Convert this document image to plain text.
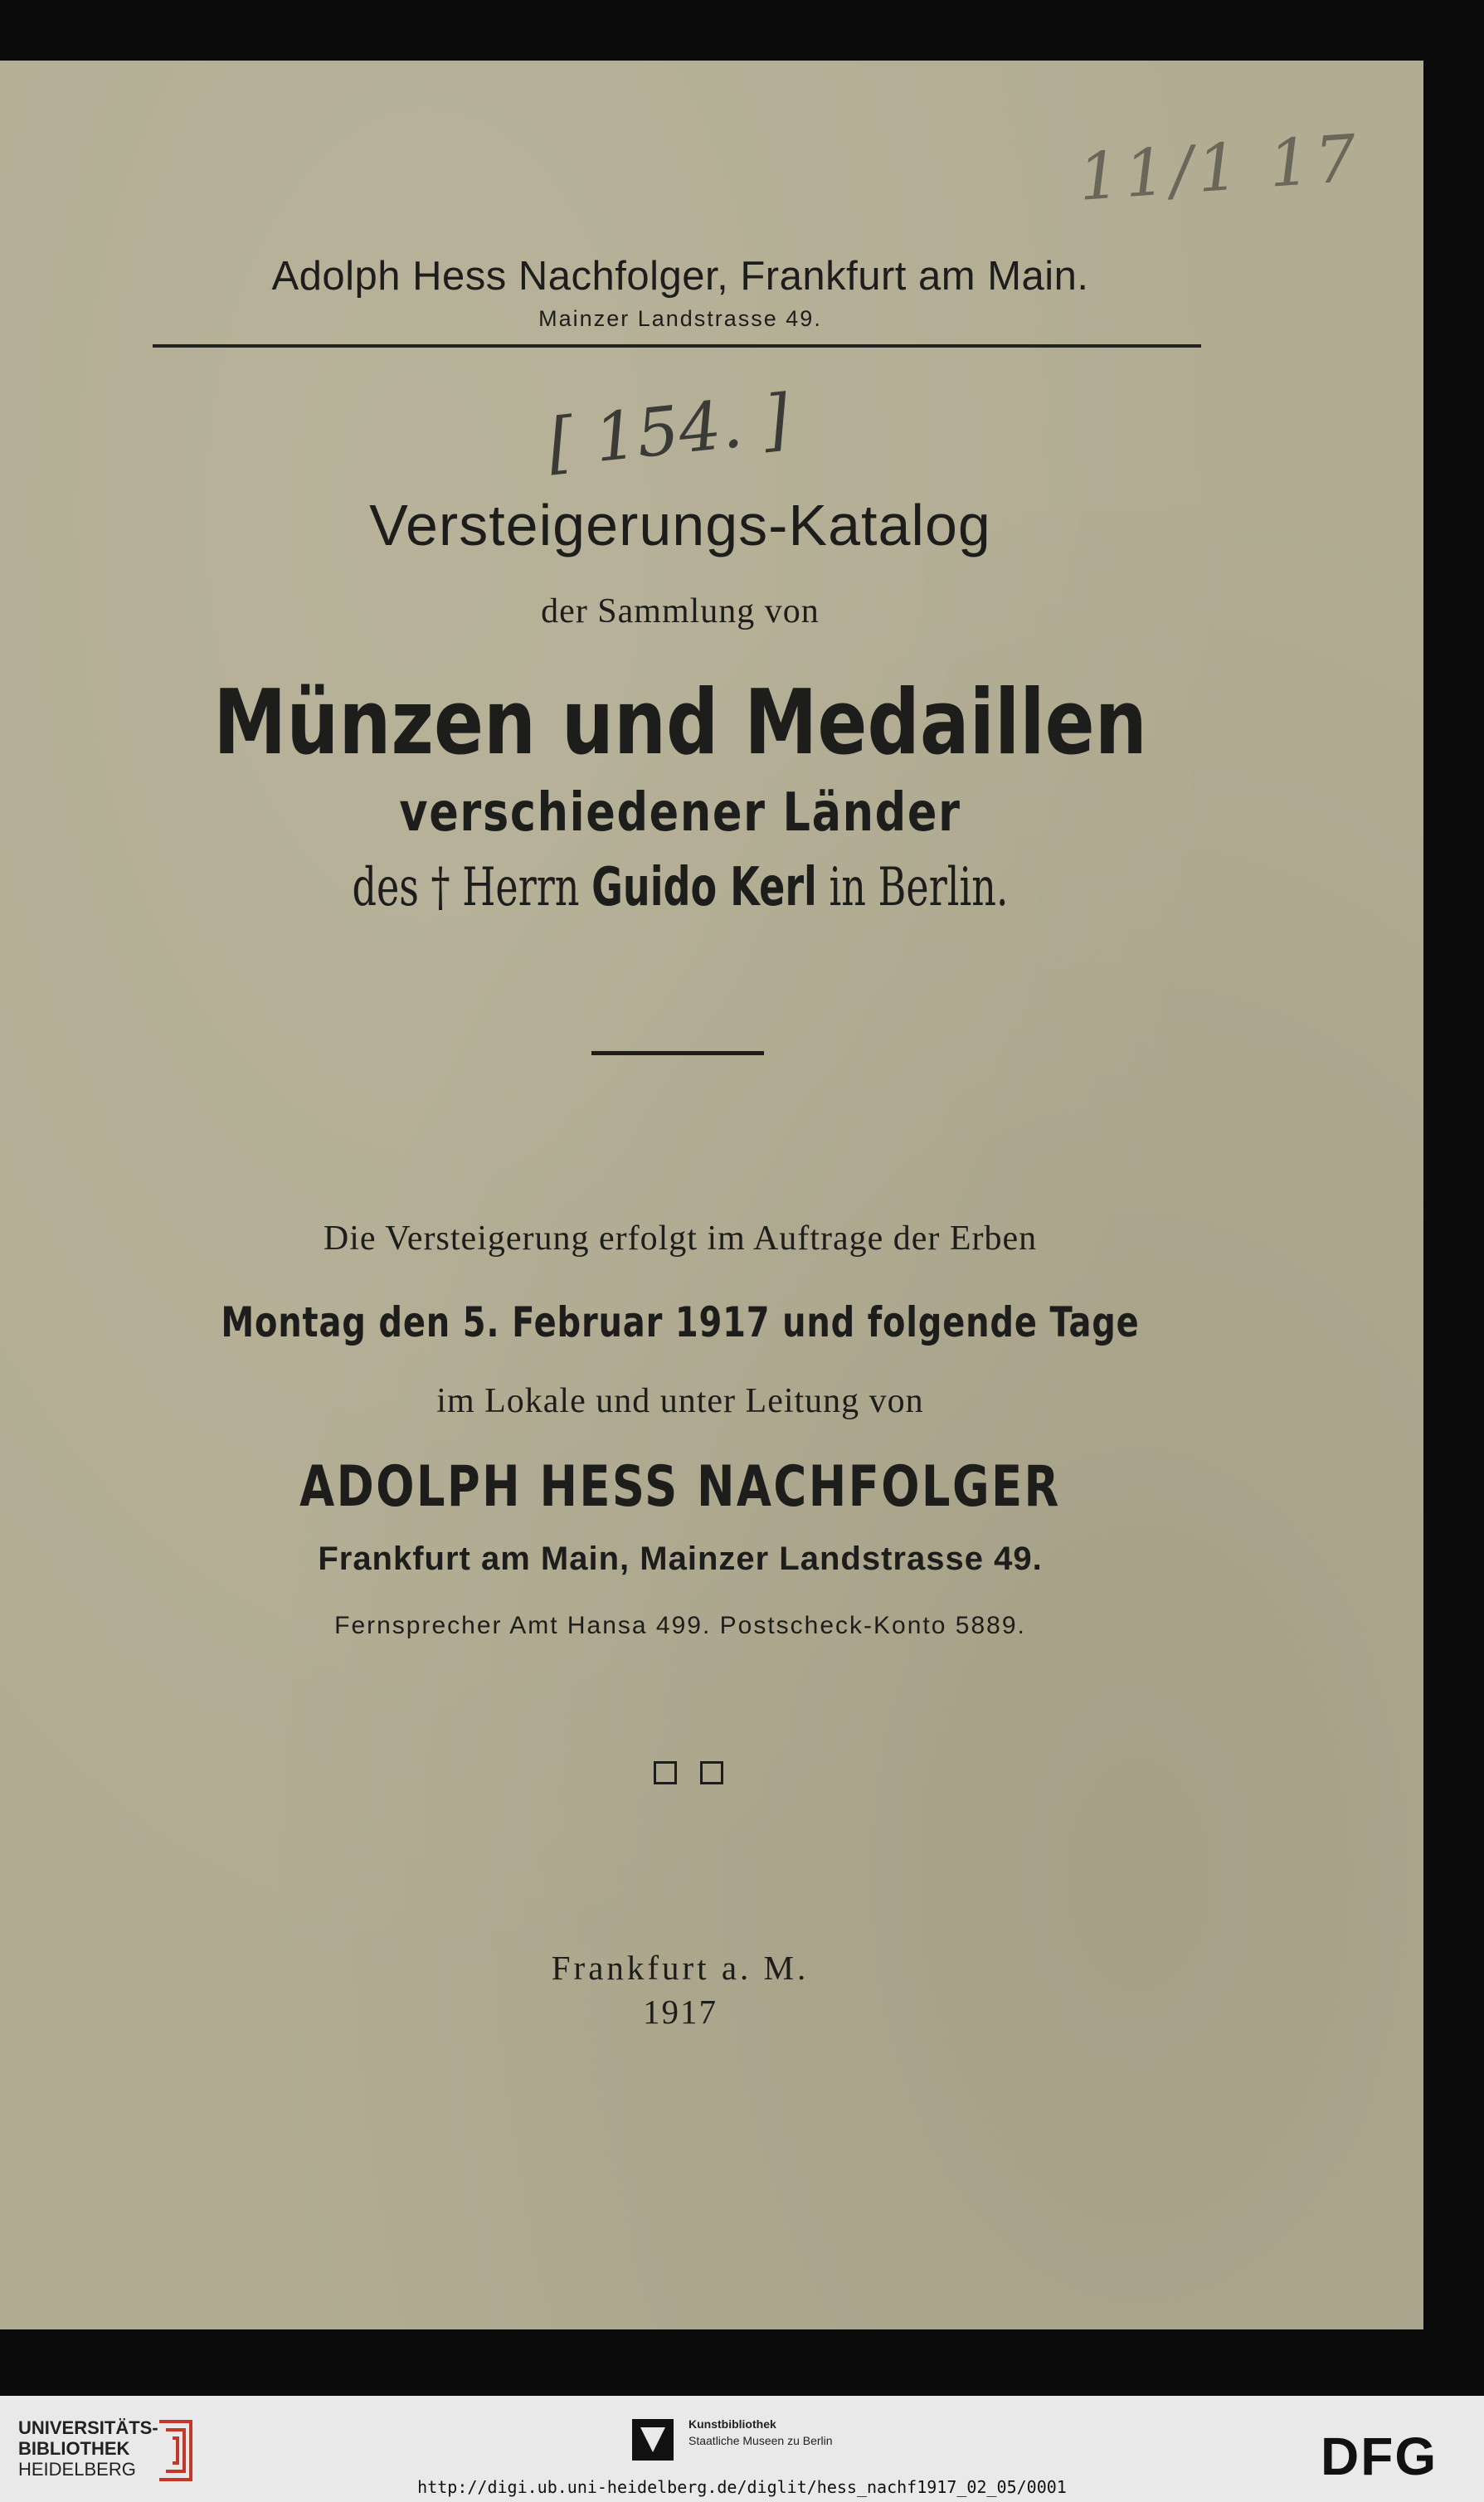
11/1 17
Adolph Hess Nachfolger, Frankfurt am Main.
Mainzer Landstrasse 49.
[ 154. ]
Versteigerungs-Katalog
der Sammlung von
Münzen und Medaillen
verschiedener Länder
des † Herrn Guido Kerl in Berlin.
Die Versteigerung erfolgt im Auftrage der Erben
Montag den 5. Februar 1917 und folgende Tage
im Lokale und unter Leitung von
ADOLPH HESS NACHFOLGER
Frankfurt am Main, Mainzer Landstrasse 49.
Fernsprecher Amt Hansa 499. Postscheck-Konto 5889.
Frankfurt a. M.
1917
UNIVERSITÄTS-
BIBLIOTHEK
HEIDELBERG
Kunstbibliothek
Staatliche Museen zu Berlin	DFG
http://digi.ub.uni-heidelberg.de/diglit/hess_nachf1917_02_05/0001
